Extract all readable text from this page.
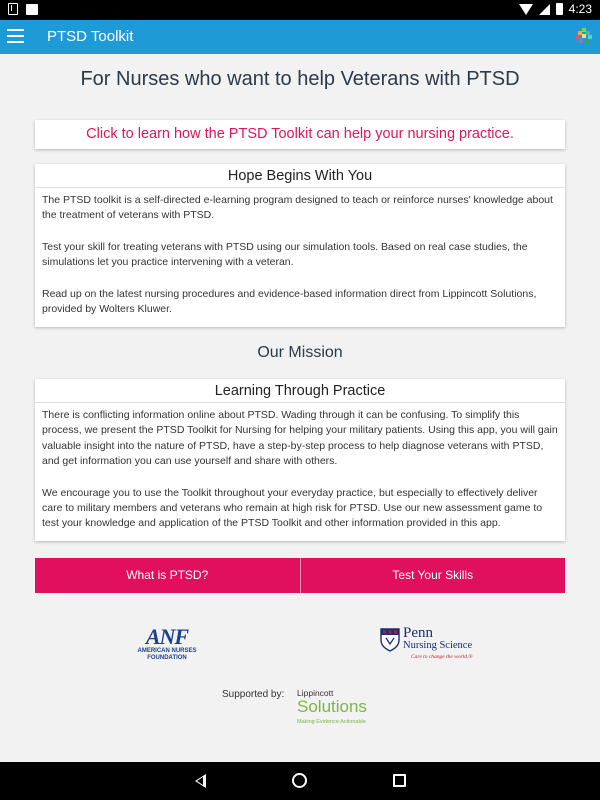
4:23
PTSD Toolkit
For Nurses who want to help Veterans with PTSD
Click to learn how the PTSD Toolkit can help your nursing practice.
Hope Begins With You

The PTSD toolkit is a self-directed e-learning program designed to teach or reinforce nurses' knowledge about the treatment of veterans with PTSD.

Test your skill for treating veterans with PTSD using our simulation tools. Based on real case studies, the simulations let you practice intervening with a veteran.

Read up on the latest nursing procedures and evidence-based information direct from Lippincott Solutions, provided by Wolters Kluwer.

Our Mission
Learning Through Practice

There is conflicting information online about PTSD. Wading through it can be confusing. To simplify this process, we present the PTSD Toolkit for Nursing for helping your military patients. Using this app, you will gain valuable insight into the nature of PTSD, have a step-by-step process to help diagnose veterans with PTSD, and get information you can use yourself and share with others.

We encourage you to use the Toolkit throughout your everyday practice, but especially to effectively deliver care to military members and veterans who remain at high risk for PTSD. Use our new assessment game to test your knowledge and application of the PTSD Toolkit and other information provided in this app.

What is PTSD?	Test Your Skills
ANF
AMERICAN NURSES
FOUNDATION
Penn
Nursing Science
Care to change the world.®
Supported by: Lippincott
Solutions
Making Evidence Actionable
